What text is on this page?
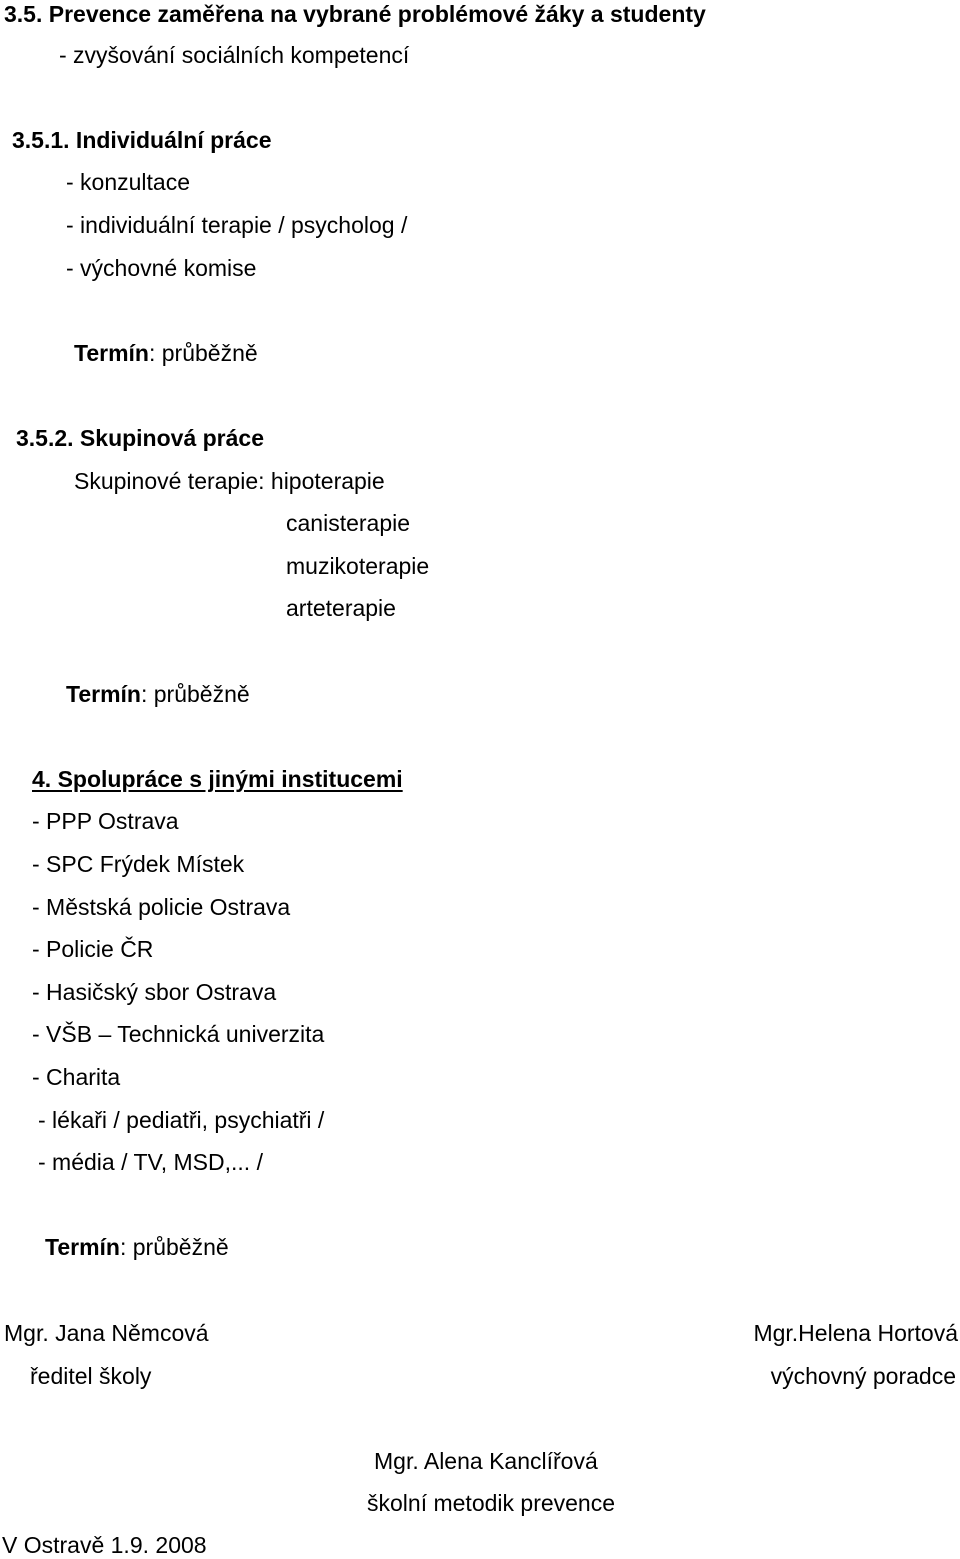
3.5. Prevence zaměřena na vybrané problémové žáky a studenty
- zvyšování sociálních kompetencí
3.5.1. Individuální práce
- konzultace
- individuální terapie / psycholog /
- výchovné komise
Termín: průběžně
3.5.2. Skupinová práce
Skupinové terapie: hipoterapie
canisterapie
muzikoterapie
arteterapie
Termín: průběžně
4. Spolupráce s jinými institucemi
- PPP Ostrava
- SPC Frýdek Místek
- Městská policie Ostrava
- Policie ČR
- Hasičský sbor Ostrava
- VŠB – Technická univerzita
- Charita
- lékaři / pediatři, psychiatři /
- média / TV, MSD,... /
Termín: průběžně
Mgr. Jana Němcová
ředitel školy
Mgr.Helena Hortová
výchovný poradce
Mgr. Alena Kanclířová
školní metodik prevence
V Ostravě 1.9. 2008
